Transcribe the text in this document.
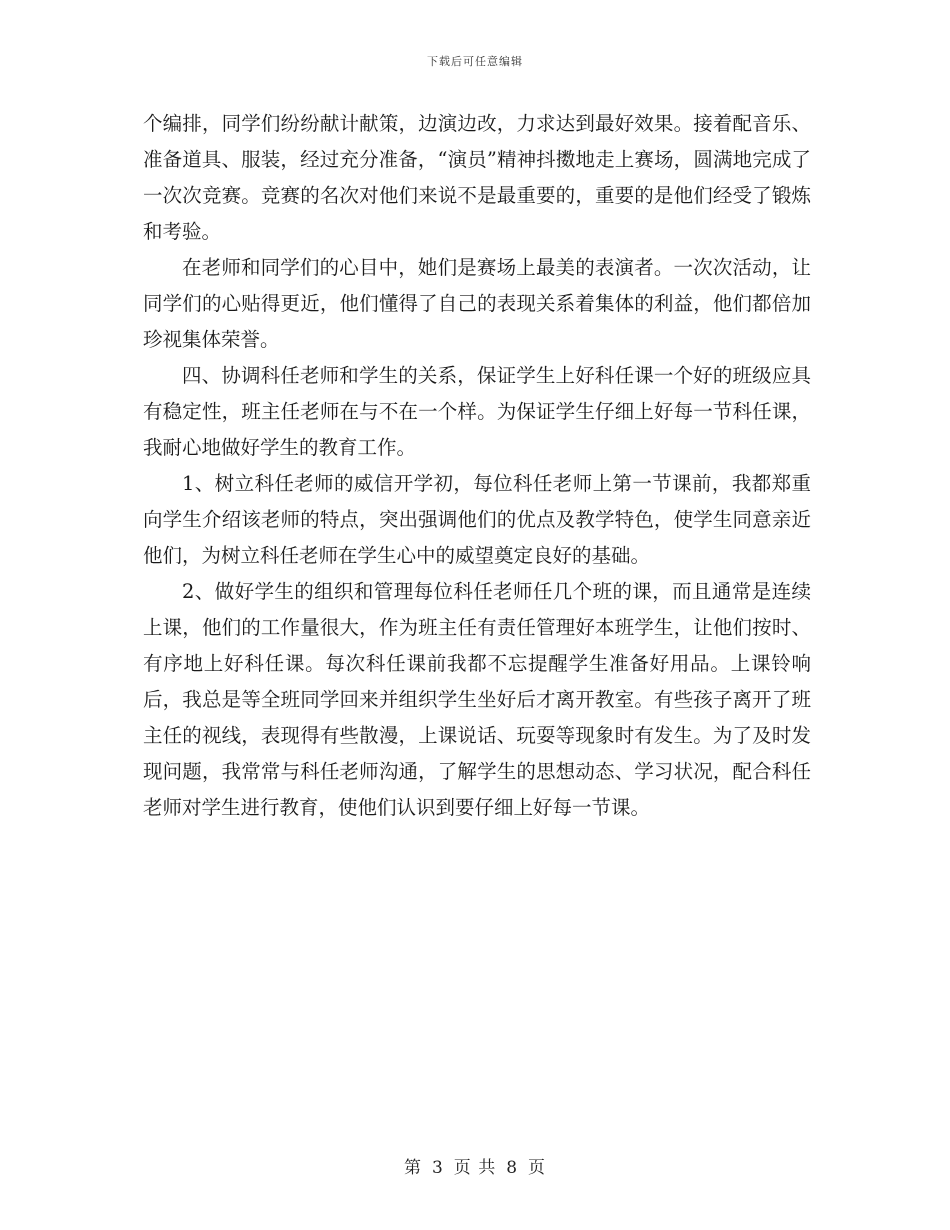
下载后可任意编辑

个编排，同学们纷纷献计献策，边演边改，力求达到最好效果。接着配音乐、准备道具、服装，经过充分准备，“演员”精神抖擞地走上赛场，圆满地完成了一次次竞赛。竞赛的名次对他们来说不是最重要的，重要的是他们经受了锻炼和考验。

在老师和同学们的心目中，她们是赛场上最美的表演者。一次次活动，让同学们的心贴得更近，他们懂得了自己的表现关系着集体的利益，他们都倍加珍视集体荣誉。

四、协调科任老师和学生的关系，保证学生上好科任课一个好的班级应具有稳定性，班主任老师在与不在一个样。为保证学生仔细上好每一节科任课，我耐心地做好学生的教育工作。

1、树立科任老师的威信开学初，每位科任老师上第一节课前，我都郑重向学生介绍该老师的特点，突出强调他们的优点及教学特色，使学生同意亲近他们，为树立科任老师在学生心中的威望奠定良好的基础。

2、做好学生的组织和管理每位科任老师任几个班的课，而且通常是连续上课，他们的工作量很大，作为班主任有责任管理好本班学生，让他们按时、有序地上好科任课。每次科任课前我都不忘提醒学生准备好用品。上课铃响后，我总是等全班同学回来并组织学生坐好后才离开教室。有些孩子离开了班主任的视线，表现得有些散漫，上课说话、玩耍等现象时有发生。为了及时发现问题，我常常与科任老师沟通，了解学生的思想动态、学习状况，配合科任老师对学生进行教育，使他们认识到要仔细上好每一节课。

第 3 页 共 8 页
